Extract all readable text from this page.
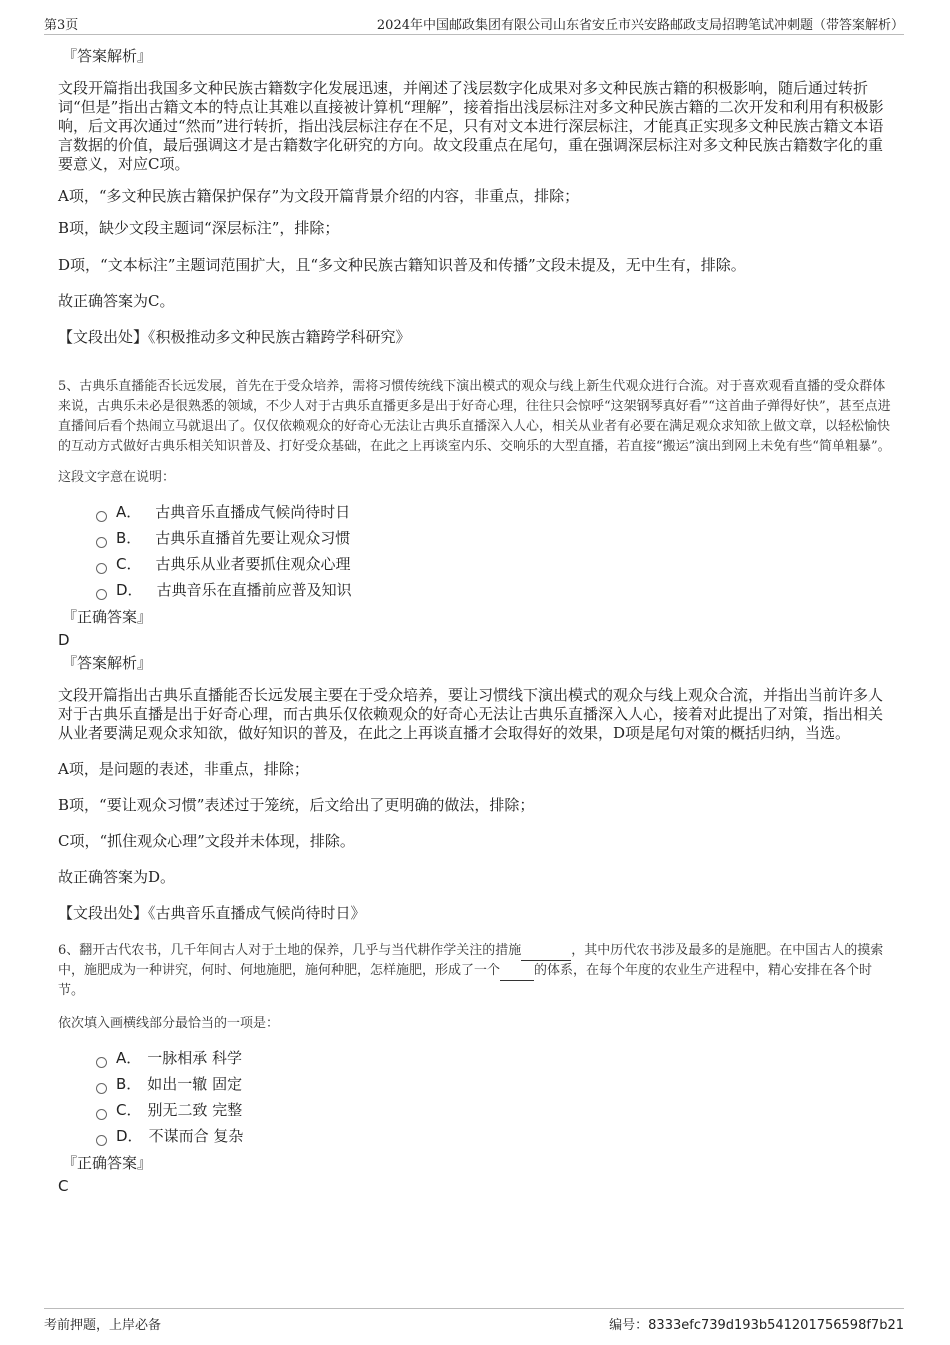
第3页	2024年中国邮政集团有限公司山东省安丘市兴安路邮政支局招聘笔试冲刺题（带答案解析）

『答案解析』

文段开篇指出我国多文种民族古籍数字化发展迅速，并阐述了浅层数字化成果对多文种民族古籍的积极影响，随后通过转折词“但是”指出古籍文本的特点让其难以直接被计算机“理解”，接着指出浅层标注对多文种民族古籍的二次开发和利用有积极影响，后文再次通过“然而”进行转折，指出浅层标注存在不足，只有对文本进行深层标注，才能真正实现多文种民族古籍文本语言数据的价值，最后强调这才是古籍数字化研究的方向。故文段重点在尾句，重在强调深层标注对多文种民族古籍数字化的重要意义，对应C项。

A项，“多文种民族古籍保护保存”为文段开篇背景介绍的内容，非重点，排除；

B项，缺少文段主题词“深层标注”，排除；

D项，“文本标注”主题词范围扩大，且“多文种民族古籍知识普及和传播”文段未提及，无中生有，排除。

故正确答案为C。

【文段出处】《积极推动多文种民族古籍跨学科研究》

5、古典乐直播能否长远发展，首先在于受众培养，需将习惯传统线下演出模式的观众与线上新生代观众进行合流。对于喜欢观看直播的受众群体来说，古典乐未必是很熟悉的领域，不少人对于古典乐直播更多是出于好奇心理，往往只会惊呼“这架钢琴真好看”“这首曲子弹得好快”，甚至点进直播间后看个热闹立马就退出了。仅仅依赖观众的好奇心无法让古典乐直播深入人心，相关从业者有必要在满足观众求知欲上做文章，以轻松愉快的互动方式做好古典乐相关知识普及、打好受众基础，在此之上再谈室内乐、交响乐的大型直播，若直接“搬运”演出到网上未免有些“简单粗暴”。

这段文字意在说明：

A． 古典音乐直播成气候尚待时日
B． 古典乐直播首先要让观众习惯
C． 古典乐从业者要抓住观众心理
D． 古典音乐在直播前应普及知识

『正确答案』

D

『答案解析』

文段开篇指出古典乐直播能否长远发展主要在于受众培养，要让习惯线下演出模式的观众与线上观众合流，并指出当前许多人对于古典乐直播是出于好奇心理，而古典乐仅依赖观众的好奇心无法让古典乐直播深入人心，接着对此提出了对策，指出相关从业者要满足观众求知欲，做好知识的普及，在此之上再谈直播才会取得好的效果，D项是尾句对策的概括归纳，当选。

A项，是问题的表述，非重点，排除；

B项，“要让观众习惯”表述过于笼统，后文给出了更明确的做法，排除；

C项，“抓住观众心理”文段并未体现，排除。

故正确答案为D。

【文段出处】《古典音乐直播成气候尚待时日》

6、翻开古代农书，几千年间古人对于土地的保养，几乎与当代耕作学关注的措施	，其中历代农书涉及最多的是施肥。在中国古人的摸索中，施肥成为一种讲究，何时、何地施肥，施何种肥，怎样施肥，形成了一个	的体系，在每个年度的农业生产进程中，精心安排在各个时节。

依次填入画横线部分最恰当的一项是：

A． 一脉相承 科学
B． 如出一辙 固定
C． 别无二致 完整
D． 不谋而合 复杂

『正确答案』

C

考前押题，上岸必备	编号：8333efc739d193b541201756598f7b21
